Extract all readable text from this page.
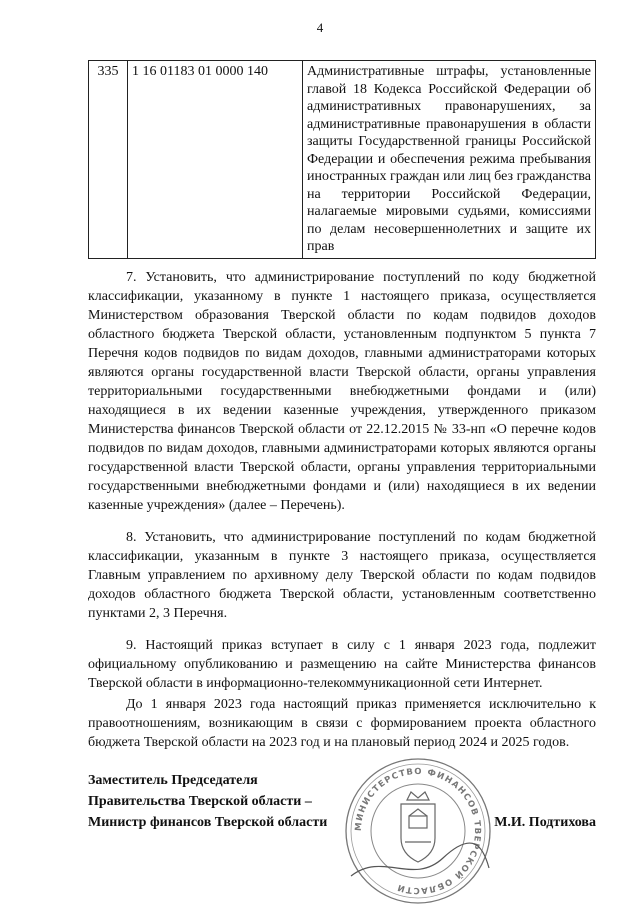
4
335	1 16 01183 01 0000 140	Административные штрафы, установленные главой 18 Кодекса Российской Федерации об административных правонарушениях, за административные правонарушения в области защиты Государственной границы Российской Федерации и обеспечения режима пребывания иностранных граждан или лиц без гражданства на территории Российской Федерации, налагаемые мировыми судьями, комиссиями по делам несовершеннолетних и защите их прав

7. Установить, что администрирование поступлений по коду бюджетной классификации, указанному в пункте 1 настоящего приказа, осуществляется Министерством образования Тверской области по кодам подвидов доходов областного бюджета Тверской области, установленным подпунктом 5 пункта 7 Перечня кодов подвидов по видам доходов, главными администраторами которых являются органы государственной власти Тверской области, органы управления территориальными государственными внебюджетными фондами и (или) находящиеся в их ведении казенные учреждения, утвержденного приказом Министерства финансов Тверской области от 22.12.2015 № 33-нп «О перечне кодов подвидов по видам доходов, главными администраторами которых являются органы государственной власти Тверской области, органы управления территориальными государственными внебюджетными фондами и (или) находящиеся в их ведении казенные учреждения» (далее – Перечень).

8. Установить, что администрирование поступлений по кодам бюджетной классификации, указанным в пункте 3 настоящего приказа, осуществляется Главным управлением по архивному делу Тверской области по кодам подвидов доходов областного бюджета Тверской области, установленным соответственно пунктами 2, 3 Перечня.

9. Настоящий приказ вступает в силу с 1 января 2023 года, подлежит официальному опубликованию и размещению на сайте Министерства финансов Тверской области в информационно-телекоммуникационной сети Интернет.

До 1 января 2023 года настоящий приказ применяется исключительно к правоотношениям, возникающим в связи с формированием проекта областного бюджета Тверской области на 2023 год и на плановый период 2024 и 2025 годов.

Заместитель Председателя
Правительства Тверской области –
Министр финансов Тверской области	МИНИСТЕРСТВО ФИНАНСОВ ТВЕРСКОЙ ОБЛАСТИ
М.И. Подтихова
